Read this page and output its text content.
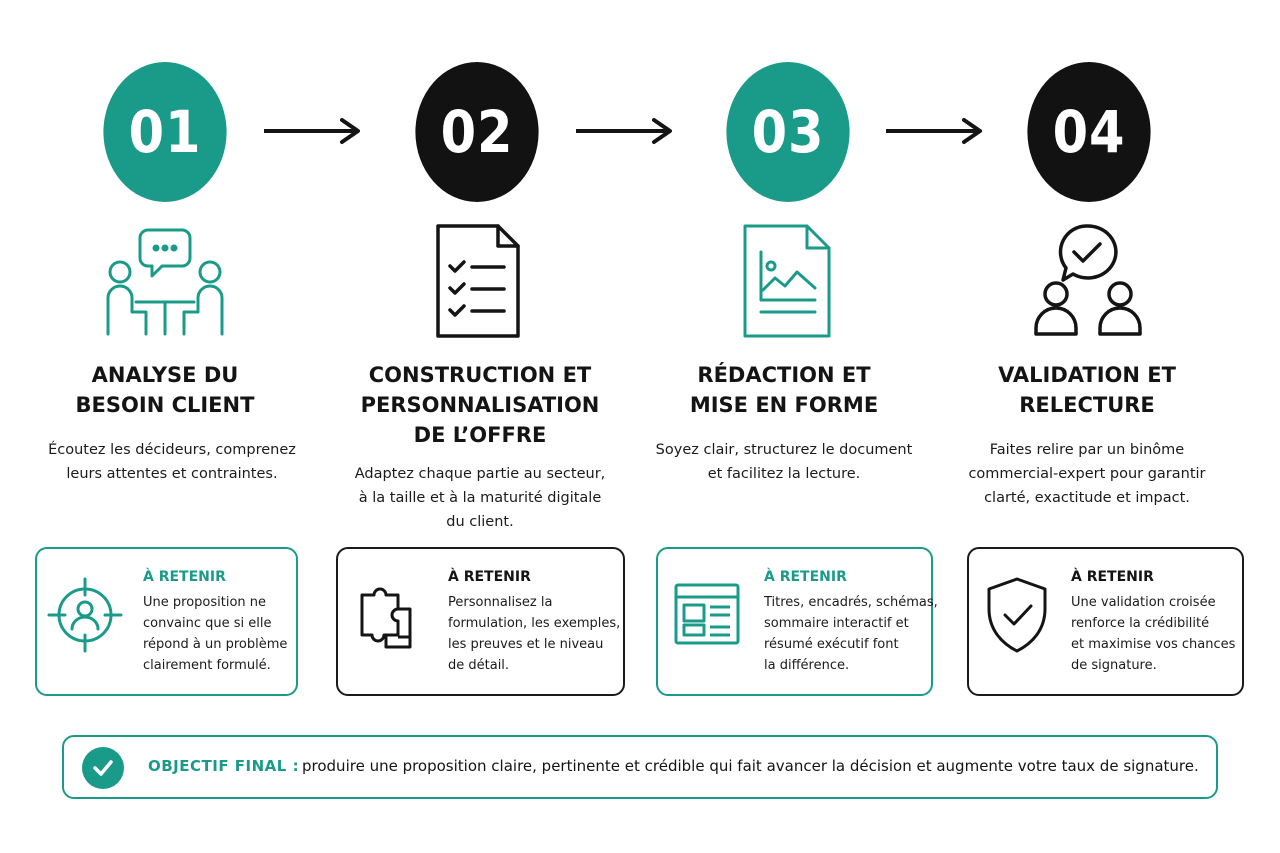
01	02	03	04
ANALYSE DU
BESOIN CLIENT
CONSTRUCTION ET
PERSONNALISATION
DE L’OFFRE
RÉDACTION ET
MISE EN FORME
VALIDATION ET
RELECTURE
Écoutez les décideurs, comprenez
leurs attentes et contraintes.	Adaptez chaque partie au secteur,
à la taille et à la maturité digitale
du client.
Soyez clair, structurez le document
et facilitez la lecture.
Faites relire par un binôme
commercial-expert pour garantir
clarté, exactitude et impact.
À RETENIR
Une proposition ne
convainc que si elle
répond à un problème
clairement formulé.
À RETENIR
Personnalisez la
formulation, les exemples,
les preuves et le niveau
de détail.
À RETENIR
Titres, encadrés, schémas,
sommaire interactif et
résumé exécutif font
la différence.
À RETENIR
Une validation croisée
renforce la crédibilité
et maximise vos chances
de signature.
OBJECTIF FINAL : produire une proposition claire, pertinente et crédible qui fait avancer la décision et augmente votre taux de signature.
